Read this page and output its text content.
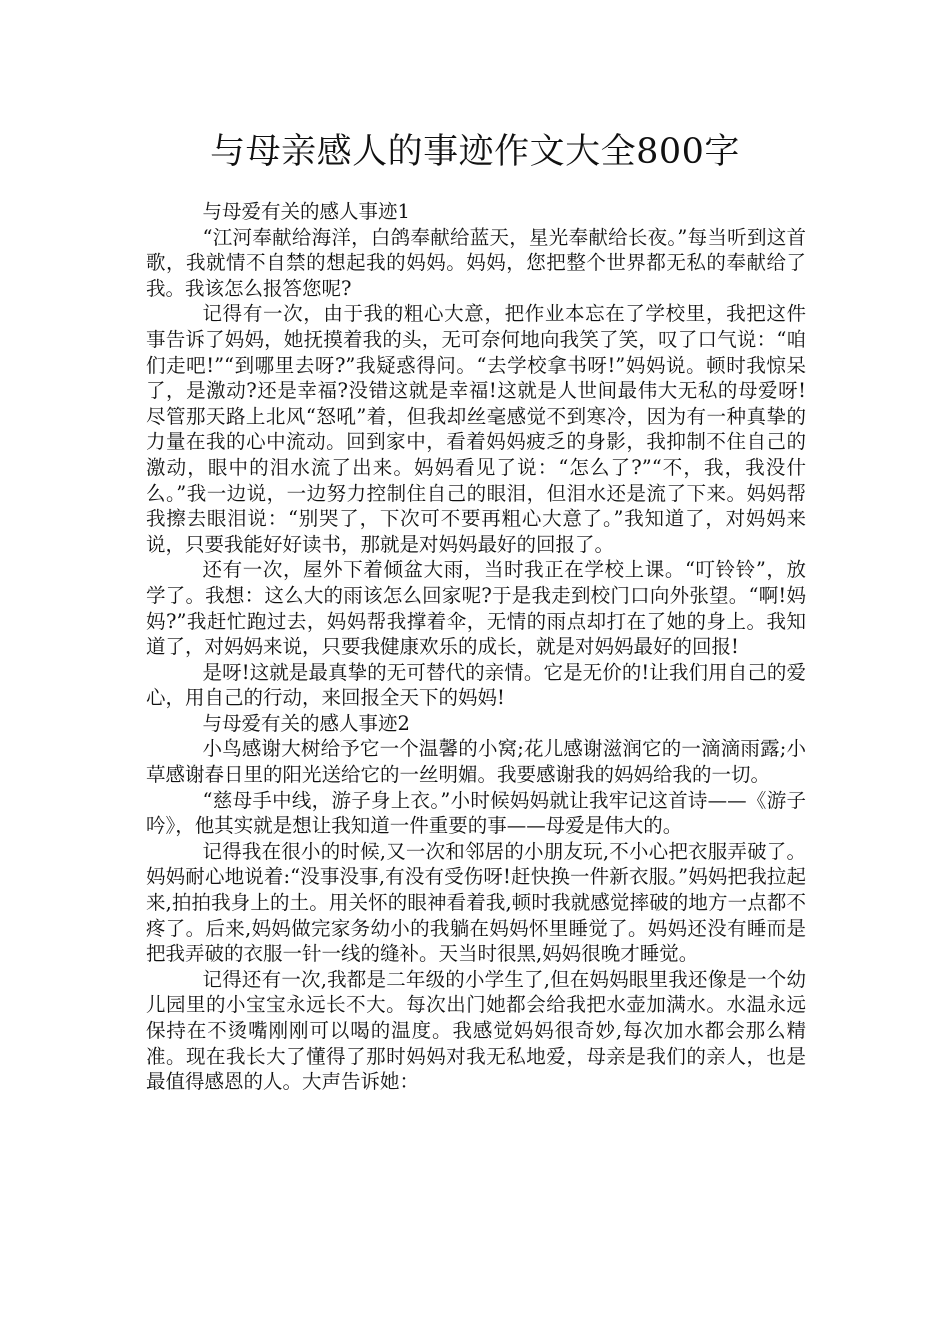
与母亲感人的事迹作文大全800字

与母爱有关的感人事迹1

“江河奉献给海洋，白鸽奉献给蓝天，星光奉献给长夜。”每当听到这首歌，我就情不自禁的想起我的妈妈。妈妈，您把整个世界都无私的奉献给了我。我该怎么报答您呢?

记得有一次，由于我的粗心大意，把作业本忘在了学校里，我把这件事告诉了妈妈，她抚摸着我的头，无可奈何地向我笑了笑，叹了口气说：“咱们走吧!”“到哪里去呀?”我疑惑得问。“去学校拿书呀!”妈妈说。顿时我惊呆了，是激动?还是幸福?没错这就是幸福!这就是人世间最伟大无私的母爱呀!尽管那天路上北风“怒吼”着，但我却丝毫感觉不到寒冷，因为有一种真挚的力量在我的心中流动。回到家中，看着妈妈疲乏的身影，我抑制不住自己的激动，眼中的泪水流了出来。妈妈看见了说：“怎么了?”“不，我，我没什么。”我一边说，一边努力控制住自己的眼泪，但泪水还是流了下来。妈妈帮我擦去眼泪说：“别哭了，下次可不要再粗心大意了。”我知道了，对妈妈来说，只要我能好好读书，那就是对妈妈最好的回报了。

还有一次，屋外下着倾盆大雨，当时我正在学校上课。“叮铃铃”，放学了。我想：这么大的雨该怎么回家呢?于是我走到校门口向外张望。“啊!妈妈?”我赶忙跑过去，妈妈帮我撑着伞，无情的雨点却打在了她的身上。我知道了，对妈妈来说，只要我健康欢乐的成长，就是对妈妈最好的回报!

是呀!这就是最真挚的无可替代的亲情。它是无价的!让我们用自己的爱心，用自己的行动，来回报全天下的妈妈!

与母爱有关的感人事迹2

小鸟感谢大树给予它一个温馨的小窝;花儿感谢滋润它的一滴滴雨露;小草感谢春日里的阳光送给它的一丝明媚。我要感谢我的妈妈给我的一切。

“慈母手中线，游子身上衣。”小时候妈妈就让我牢记这首诗——《游子吟》，他其实就是想让我知道一件重要的事——母爱是伟大的。

记得我在很小的时候,又一次和邻居的小朋友玩,不小心把衣服弄破了。妈妈耐心地说着:“没事没事,有没有受伤呀!赶快换一件新衣服。”妈妈把我拉起来,拍拍我身上的土。用关怀的眼神看着我,顿时我就感觉摔破的地方一点都不疼了。后来,妈妈做完家务幼小的我躺在妈妈怀里睡觉了。妈妈还没有睡而是把我弄破的衣服一针一线的缝补。天当时很黑,妈妈很晚才睡觉。

记得还有一次,我都是二年级的小学生了,但在妈妈眼里我还像是一个幼儿园里的小宝宝永远长不大。每次出门她都会给我把水壶加满水。水温永远保持在不烫嘴刚刚可以喝的温度。我感觉妈妈很奇妙,每次加水都会那么精准。现在我长大了懂得了那时妈妈对我无私地爱，母亲是我们的亲人，也是最值得感恩的人。大声告诉她：
